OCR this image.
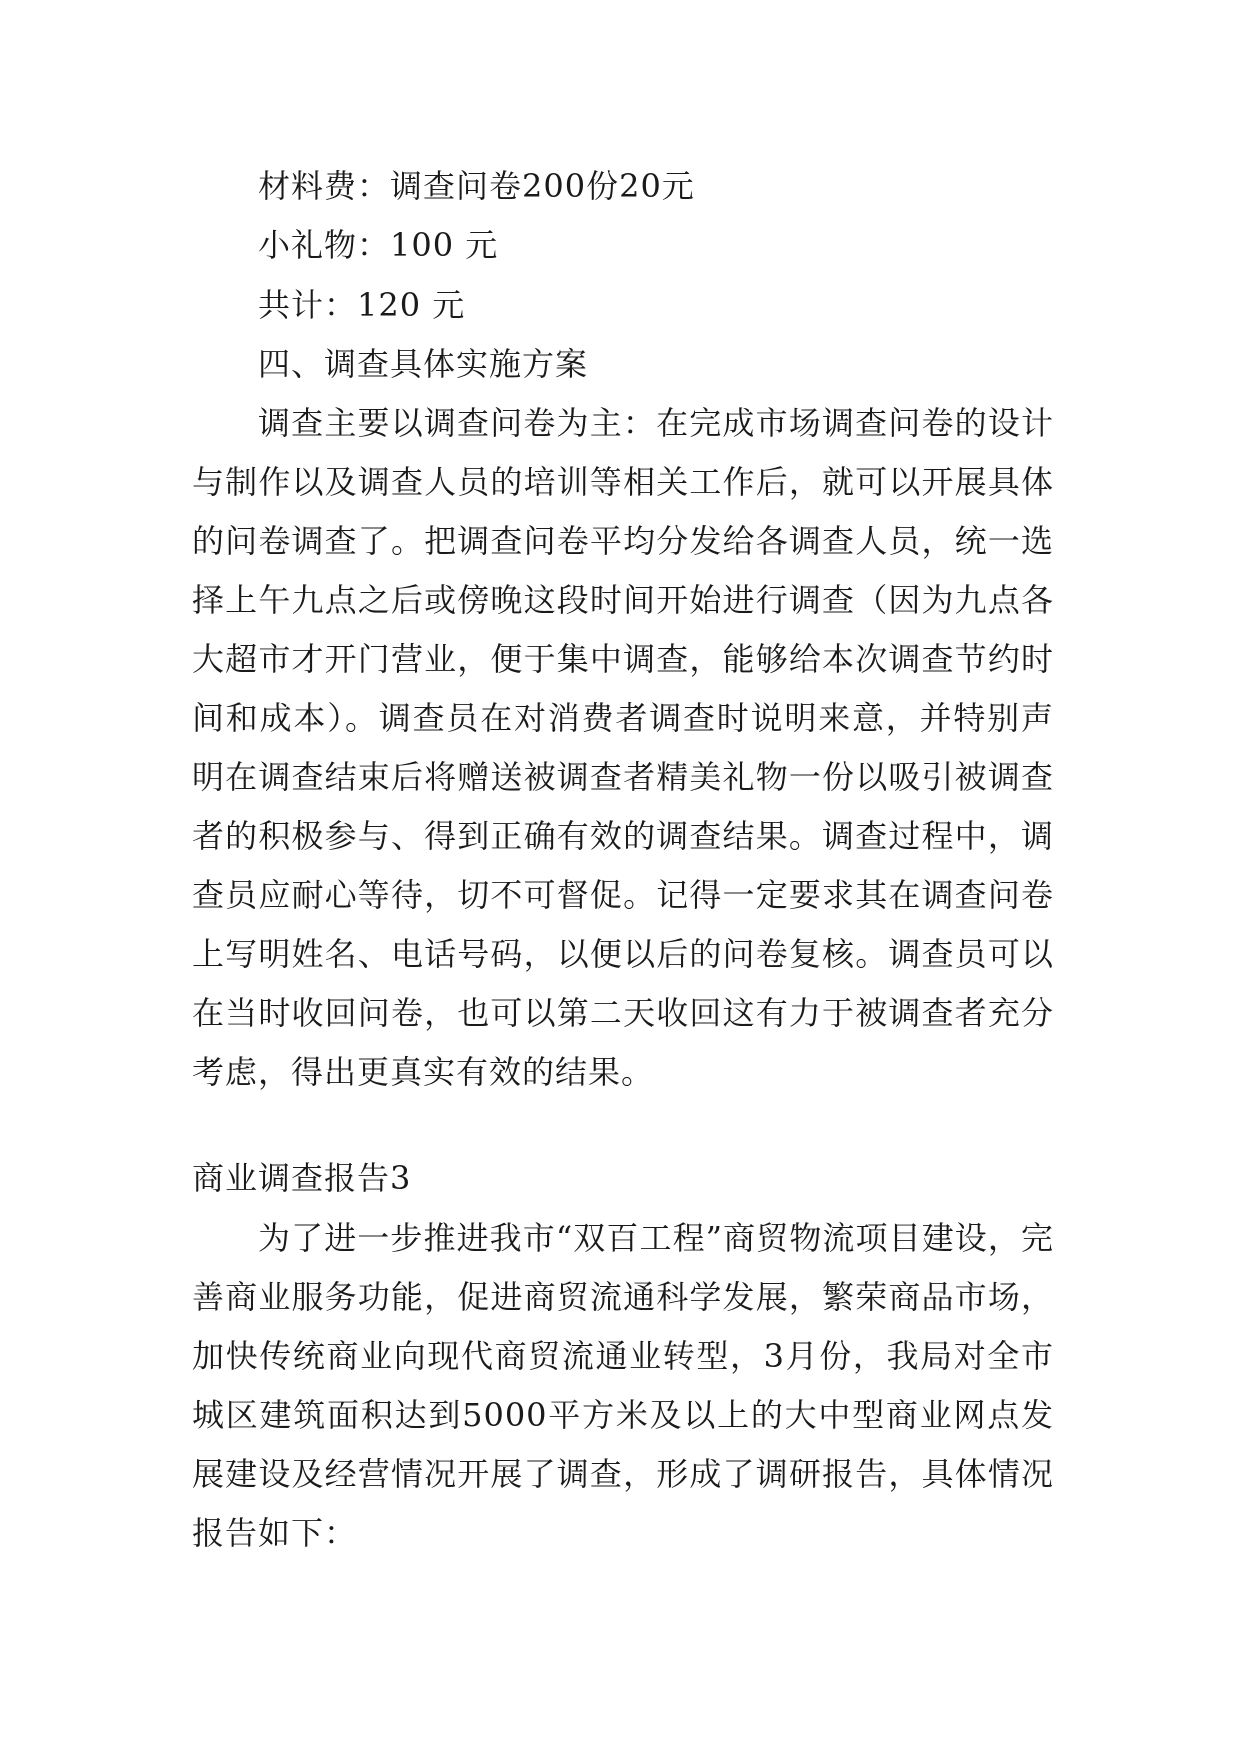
材料费：调查问卷200份20元
小礼物：100 元
共计：120 元
四、调查具体实施方案

调查主要以调查问卷为主：在完成市场调查问卷的设计与制作以及调查人员的培训等相关工作后，就可以开展具体的问卷调查了。把调查问卷平均分发给各调查人员，统一选择上午九点之后或傍晚这段时间开始进行调查（因为九点各大超市才开门营业，便于集中调查，能够给本次调查节约时间和成本）。调查员在对消费者调查时说明来意，并特别声明在调查结束后将赠送被调查者精美礼物一份以吸引被调查者的积极参与、得到正确有效的调查结果。调查过程中，调查员应耐心等待，切不可督促。记得一定要求其在调查问卷上写明姓名、电话号码，以便以后的问卷复核。调查员可以在当时收回问卷，也可以第二天收回这有力于被调查者充分考虑，得出更真实有效的结果。

商业调查报告3

为了进一步推进我市“双百工程”商贸物流项目建设，完善商业服务功能，促进商贸流通科学发展，繁荣商品市场，加快传统商业向现代商贸流通业转型，3月份，我局对全市城区建筑面积达到5000平方米及以上的大中型商业网点发展建设及经营情况开展了调查，形成了调研报告，具体情况报告如下：
